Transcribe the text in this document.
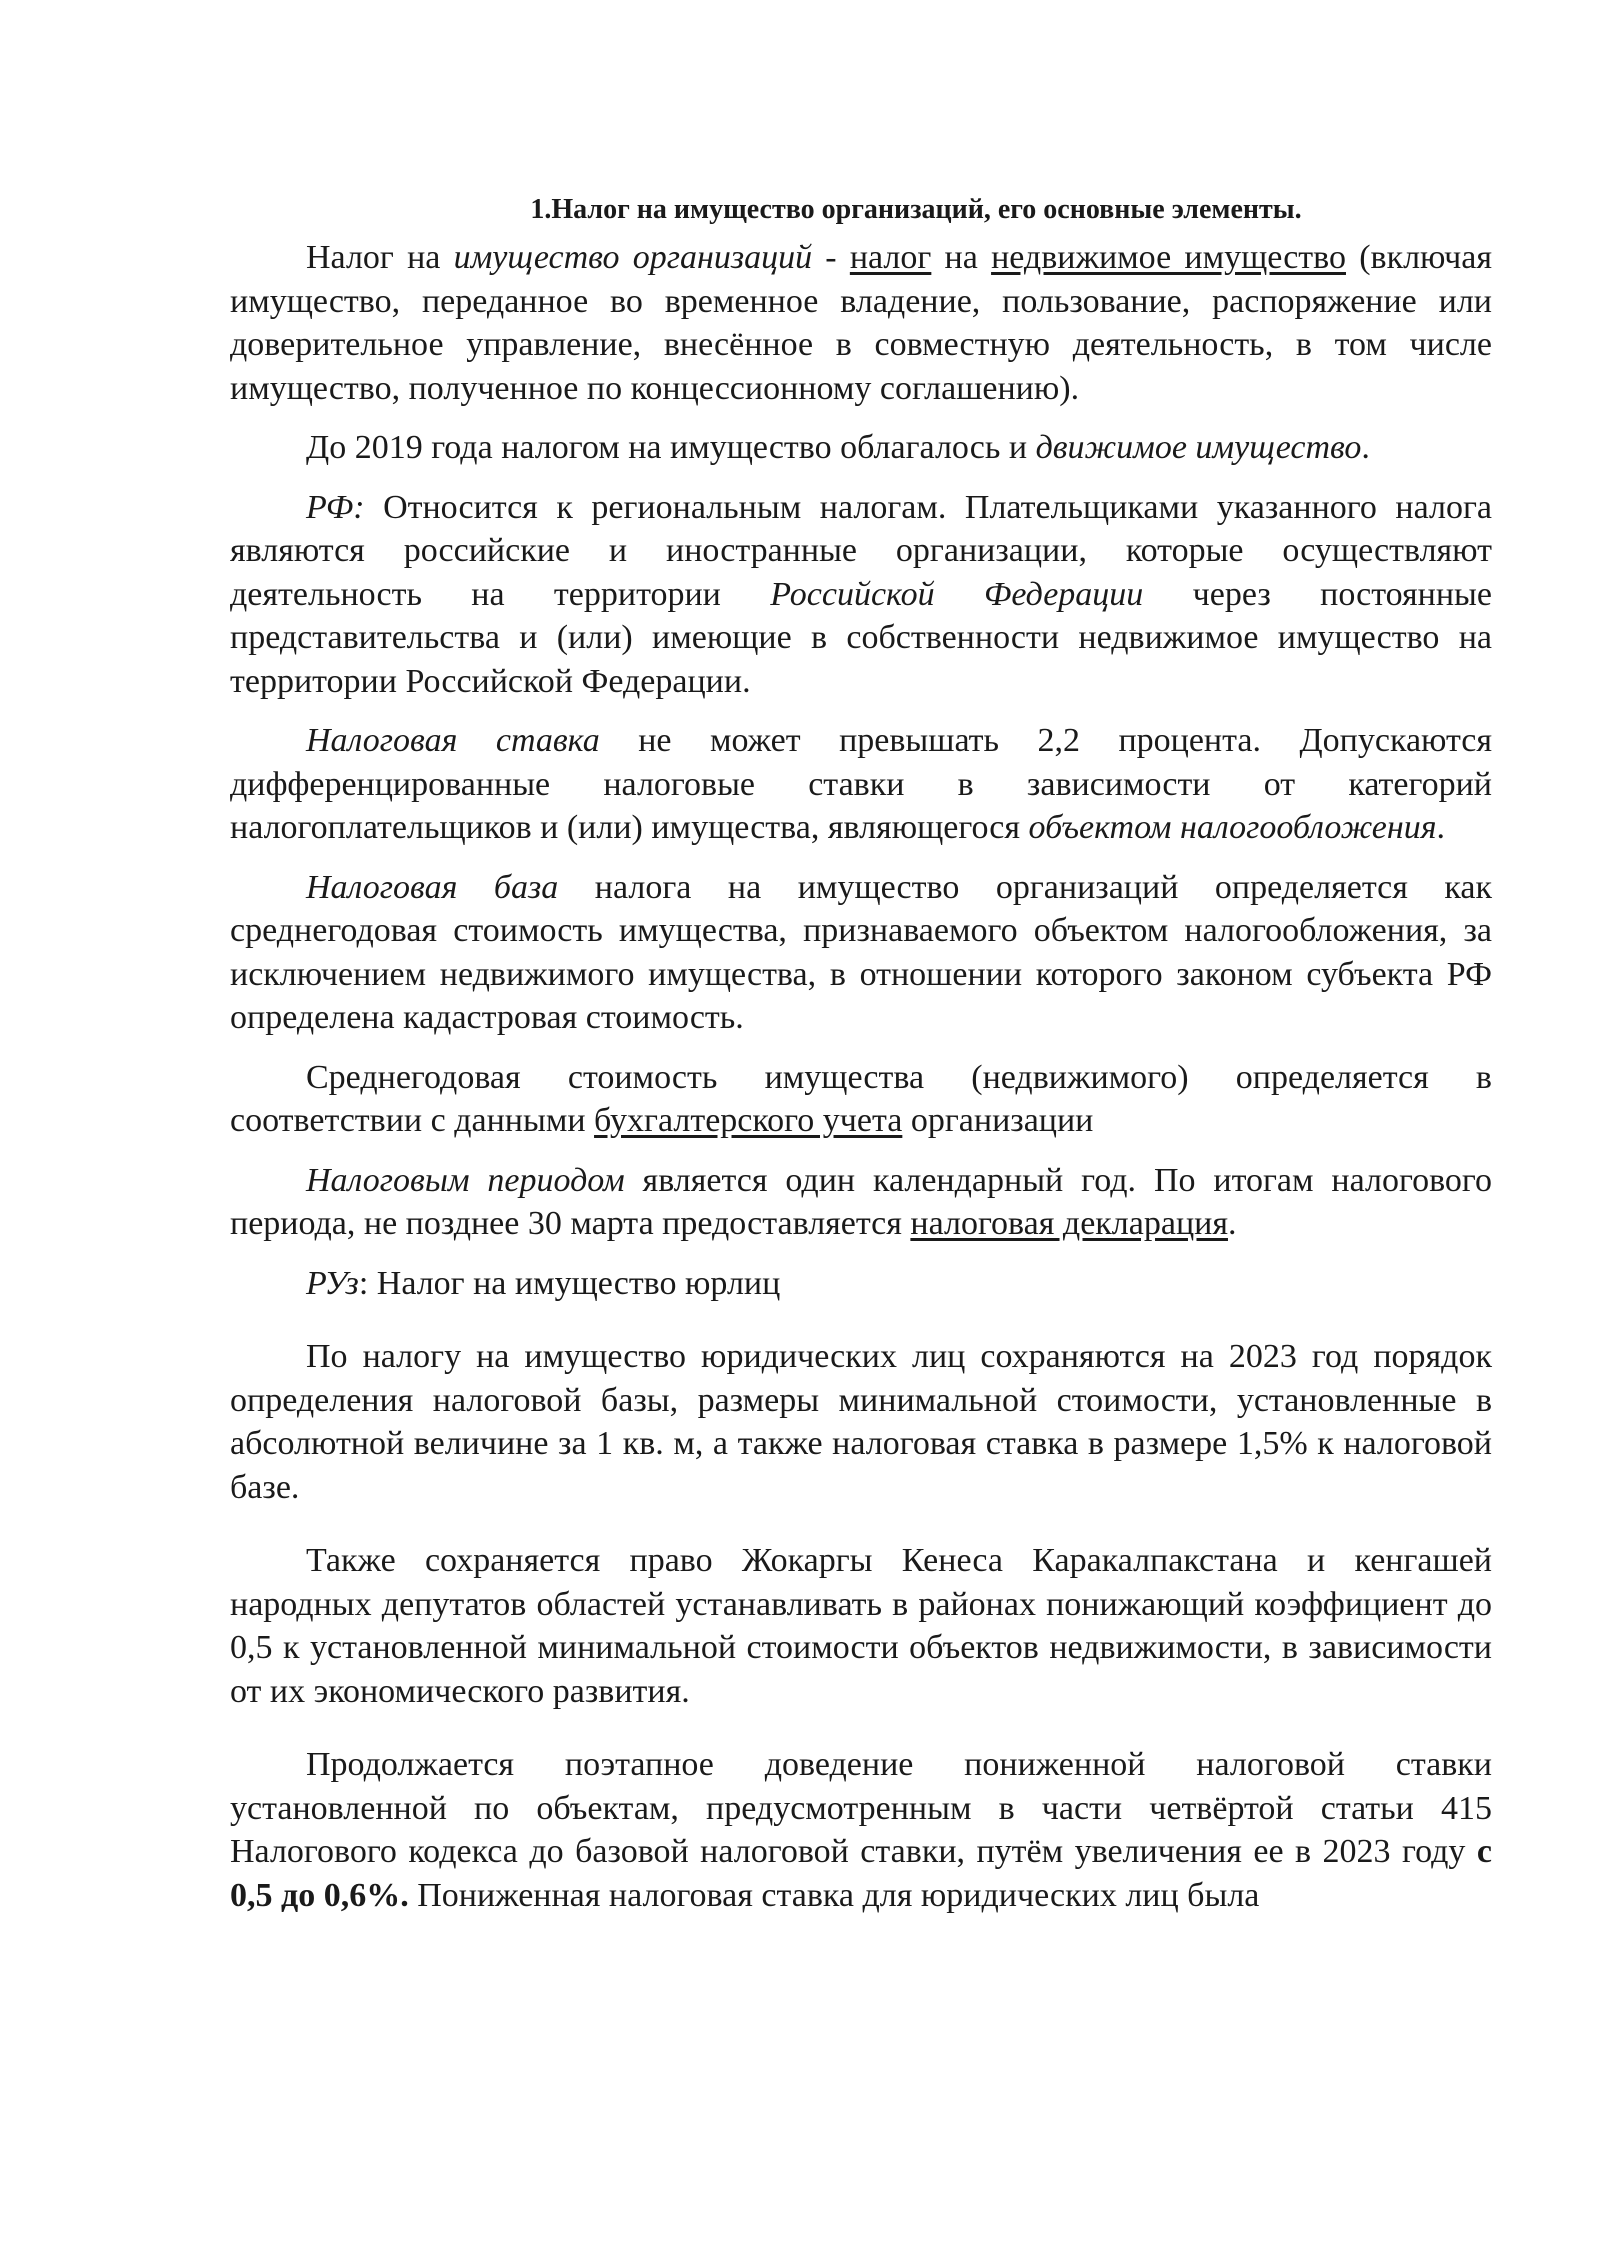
1.Налог на имущество организаций, его основные элементы.

Налог на имущество организаций - налог на недвижимое имущество (включая имущество, переданное во временное владение, пользование, распоряжение или доверительное управление, внесённое в совместную деятельность, в том числе имущество, полученное по концессионному соглашению).

До 2019 года налогом на имущество облагалось и движимое имущество.

РФ: Относится к региональным налогам. Плательщиками указанного налога являются российские и иностранные организации, которые осуществляют деятельность на территории Российской Федерации через постоянные представительства и (или) имеющие в собственности недвижимое имущество на территории Российской Федерации.

Налоговая ставка не может превышать 2,2 процента. Допускаются дифференцированные налоговые ставки в зависимости от категорий налогоплательщиков и (или) имущества, являющегося объектом налогообложения.

Налоговая база налога на имущество организаций определяется как среднегодовая стоимость имущества, признаваемого объектом налогообложения, за исключением недвижимого имущества, в отношении которого законом субъекта РФ определена кадастровая стоимость.

Среднегодовая стоимость имущества (недвижимого) определяется в соответствии с данными бухгалтерского учета организации

Налоговым периодом является один календарный год. По итогам налогового периода, не позднее 30 марта предоставляется налоговая декларация.

РУз: Налог на имущество юрлиц

По налогу на имущество юридических лиц сохраняются на 2023 год порядок определения налоговой базы, размеры минимальной стоимости, установленные в абсолютной величине за 1 кв. м, а также налоговая ставка в размере 1,5% к налоговой базе.

Также сохраняется право Жокаргы Кенеса Каракалпакстана и кенгашей народных депутатов областей устанавливать в районах понижающий коэффициент до 0,5 к установленной минимальной стоимости объектов недвижимости, в зависимости от их экономического развития.

Продолжается поэтапное доведение пониженной налоговой ставки установленной по объектам, предусмотренным в части четвёртой статьи 415 Налогового кодекса до базовой налоговой ставки, путём увеличения ее в 2023 году с 0,5 до 0,6%. Пониженная налоговая ставка для юридических лиц была
